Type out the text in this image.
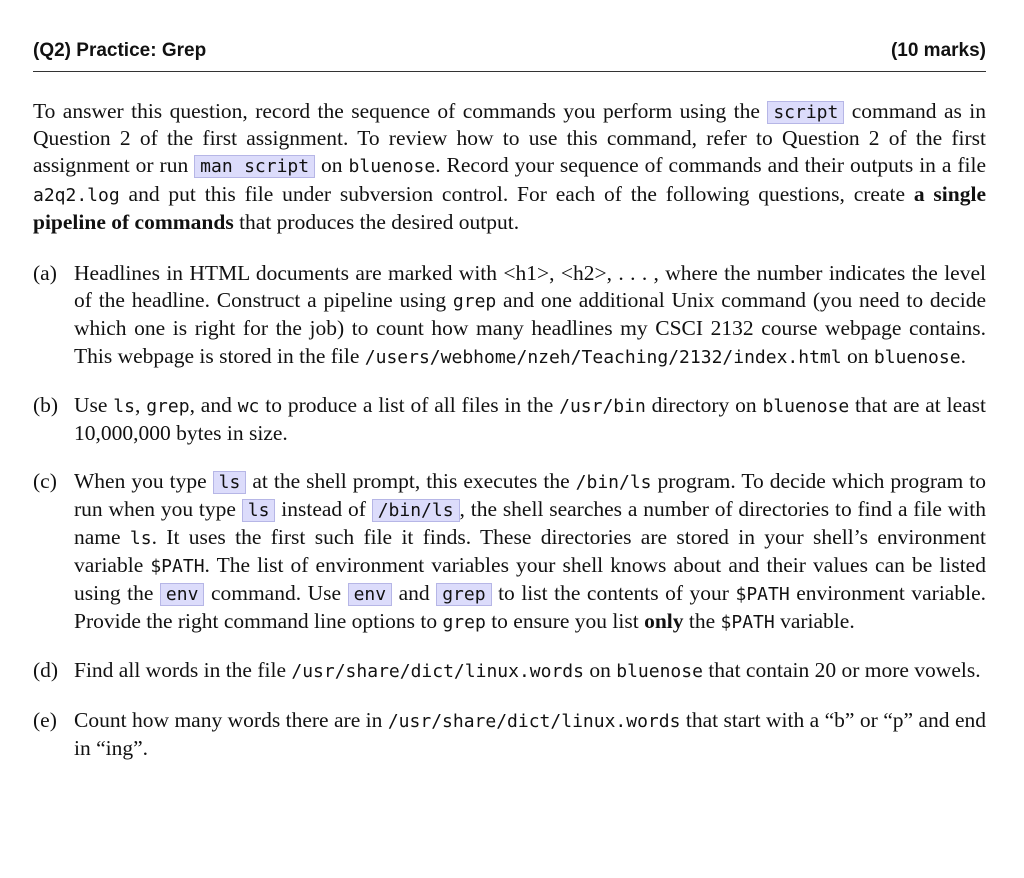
(Q2) Practice: Grep	(10 marks)
To answer this question, record the sequence of commands you perform using the script command as in Question 2 of the first assignment. To review how to use this command, refer to Question 2 of the first assignment or run man script on bluenose. Record your sequence of commands and their outputs in a file a2q2.log and put this file under subversion control. For each of the following questions, create a single pipeline of commands that produces the desired output.
(a) Headlines in HTML documents are marked with <h1>, <h2>, . . . , where the number indicates the level of the headline. Construct a pipeline using grep and one additional Unix command (you need to decide which one is right for the job) to count how many headlines my CSCI 2132 course webpage contains. This webpage is stored in the file /users/webhome/nzeh/Teaching/2132/index.html on bluenose.
(b) Use ls, grep, and wc to produce a list of all files in the /usr/bin directory on bluenose that are at least 10,000,000 bytes in size.
(c) When you type ls at the shell prompt, this executes the /bin/ls program. To decide which program to run when you type ls instead of /bin/ls , the shell searches a number of directories to find a file with name ls. It uses the first such file it finds. These directories are stored in your shell’s environment variable $PATH. The list of environment variables your shell knows about and their values can be listed using the env command. Use env and grep to list the contents of your $PATH environment variable. Provide the right command line options to grep to ensure you list only the $PATH variable.
(d) Find all words in the file /usr/share/dict/linux.words on bluenose that contain 20 or more vowels.
(e) Count how many words there are in /usr/share/dict/linux.words that start with a “b” or “p” and end in “ing”.
